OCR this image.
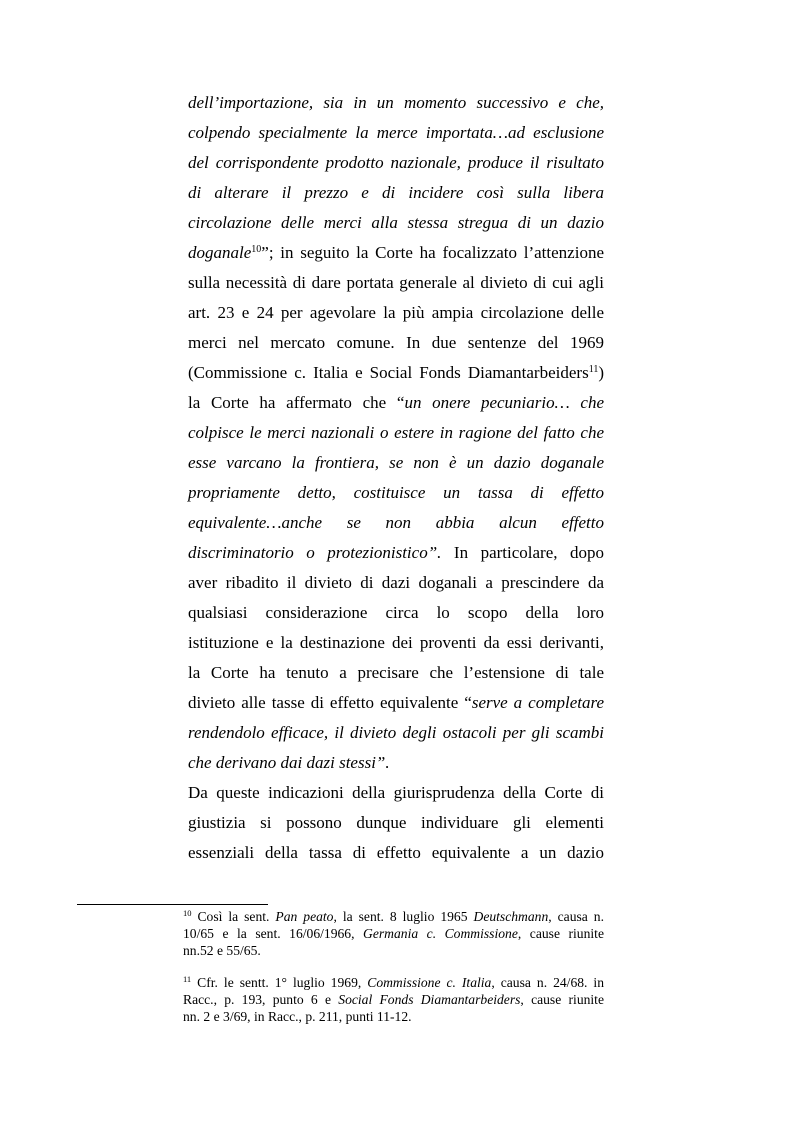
dell’importazione, sia in un momento successivo e che,
colpendo specialmente la merce importata…ad esclusione
del corrispondente prodotto nazionale, produce il risultato
di alterare il prezzo e di incidere così sulla libera
circolazione delle merci alla stessa stregua di un dazio
doganale$^{10}$”; in seguito la Corte ha focalizzato l’attenzione
sulla necessità di dare portata generale al divieto di cui agli
art. 23 e 24 per agevolare la più ampia circolazione delle
merci nel mercato comune. In due sentenze del 1969
(Commissione c. Italia e Social Fonds Diamantarbeiders$^{11}$)
la Corte ha affermato che “un onere pecuniario… che
colpisce le merci nazionali o estere in ragione del fatto che
esse varcano la frontiera, se non è un dazio doganale
propriamente detto, costituisce un tassa di effetto
equivalente…anche se non abbia alcun effetto
discriminatorio o protezionistico”. In particolare, dopo
aver ribadito il divieto di dazi doganali a prescindere da
qualsiasi considerazione circa lo scopo della loro
istituzione e la destinazione dei proventi da essi derivanti,
la Corte ha tenuto a precisare che l’estensione di tale
divieto alle tasse di effetto equivalente “serve a completare
rendendolo efficace, il divieto degli ostacoli per gli scambi
che derivano dai dazi stessi”.
Da queste indicazioni della giurisprudenza della Corte di
giustizia si possono dunque individuare gli elementi
essenziali della tassa di effetto equivalente a un dazio
$^{10}$ Così la sent. Pan peato, la sent. 8 luglio 1965 Deutschmann, causa n.
10/65 e la sent. 16/06/1966, Germania c. Commissione, cause riunite
nn.52 e 55/65.
$^{11}$ Cfr. le sentt. 1° luglio 1969, Commissione c. Italia, causa n. 24/68. in
Racc., p. 193, punto 6 e Social Fonds Diamantarbeiders, cause riunite
nn. 2 e 3/69, in Racc., p. 211, punti 11-12.
